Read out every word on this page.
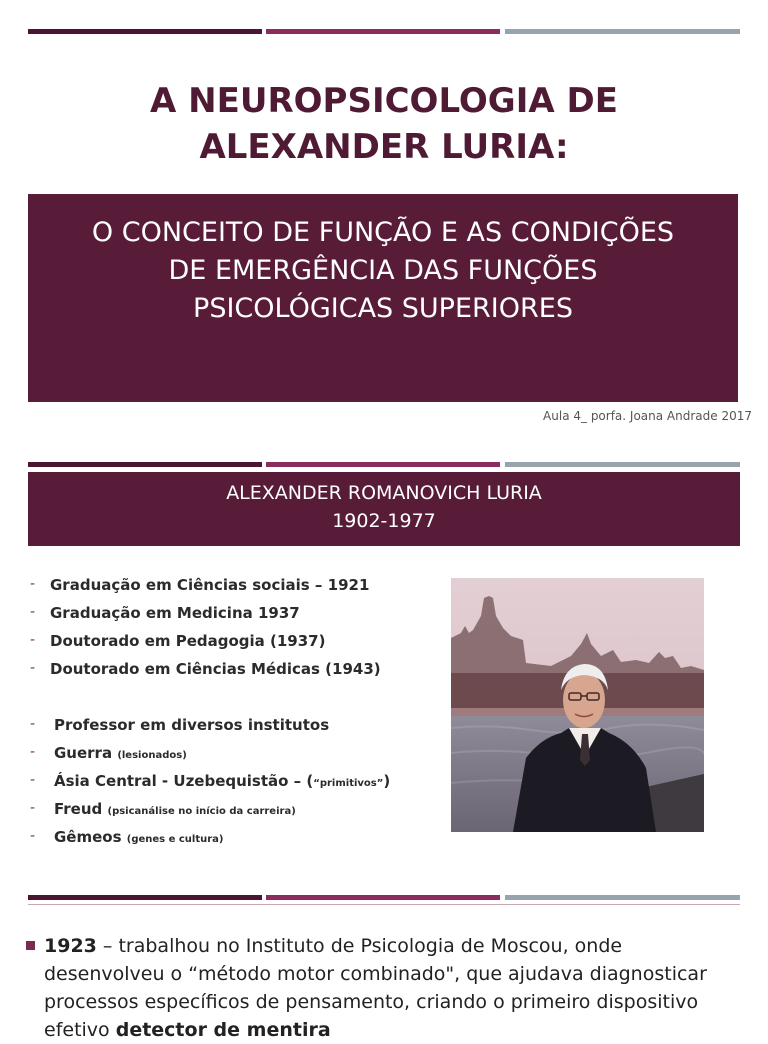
A NEUROPSICOLOGIA DE
ALEXANDER LURIA:
O CONCEITO DE FUNÇÃO E AS CONDIÇÕES
DE EMERGÊNCIA DAS FUNÇÕES
PSICOLÓGICAS SUPERIORES
Aula 4_ porfa. Joana Andrade 2017
ALEXANDER ROMANOVICH LURIA
1902-1977
- Graduação em Ciências sociais – 1921
- Graduação em Medicina 1937
- Doutorado em Pedagogia (1937)
- Doutorado em Ciências Médicas (1943)
- Professor em diversos institutos
- Guerra (lesionados)
- Ásia Central - Uzebequistão – (“primitivos”)
- Freud (psicanálise no início da carreira)
- Gêmeos (genes e cultura)
1923 – trabalhou no Instituto de Psicologia de Moscou, onde desenvolveu o “método motor combinado", que ajudava diagnosticar processos específicos de pensamento, criando o primeiro dispositivo efetivo detector de mentira
